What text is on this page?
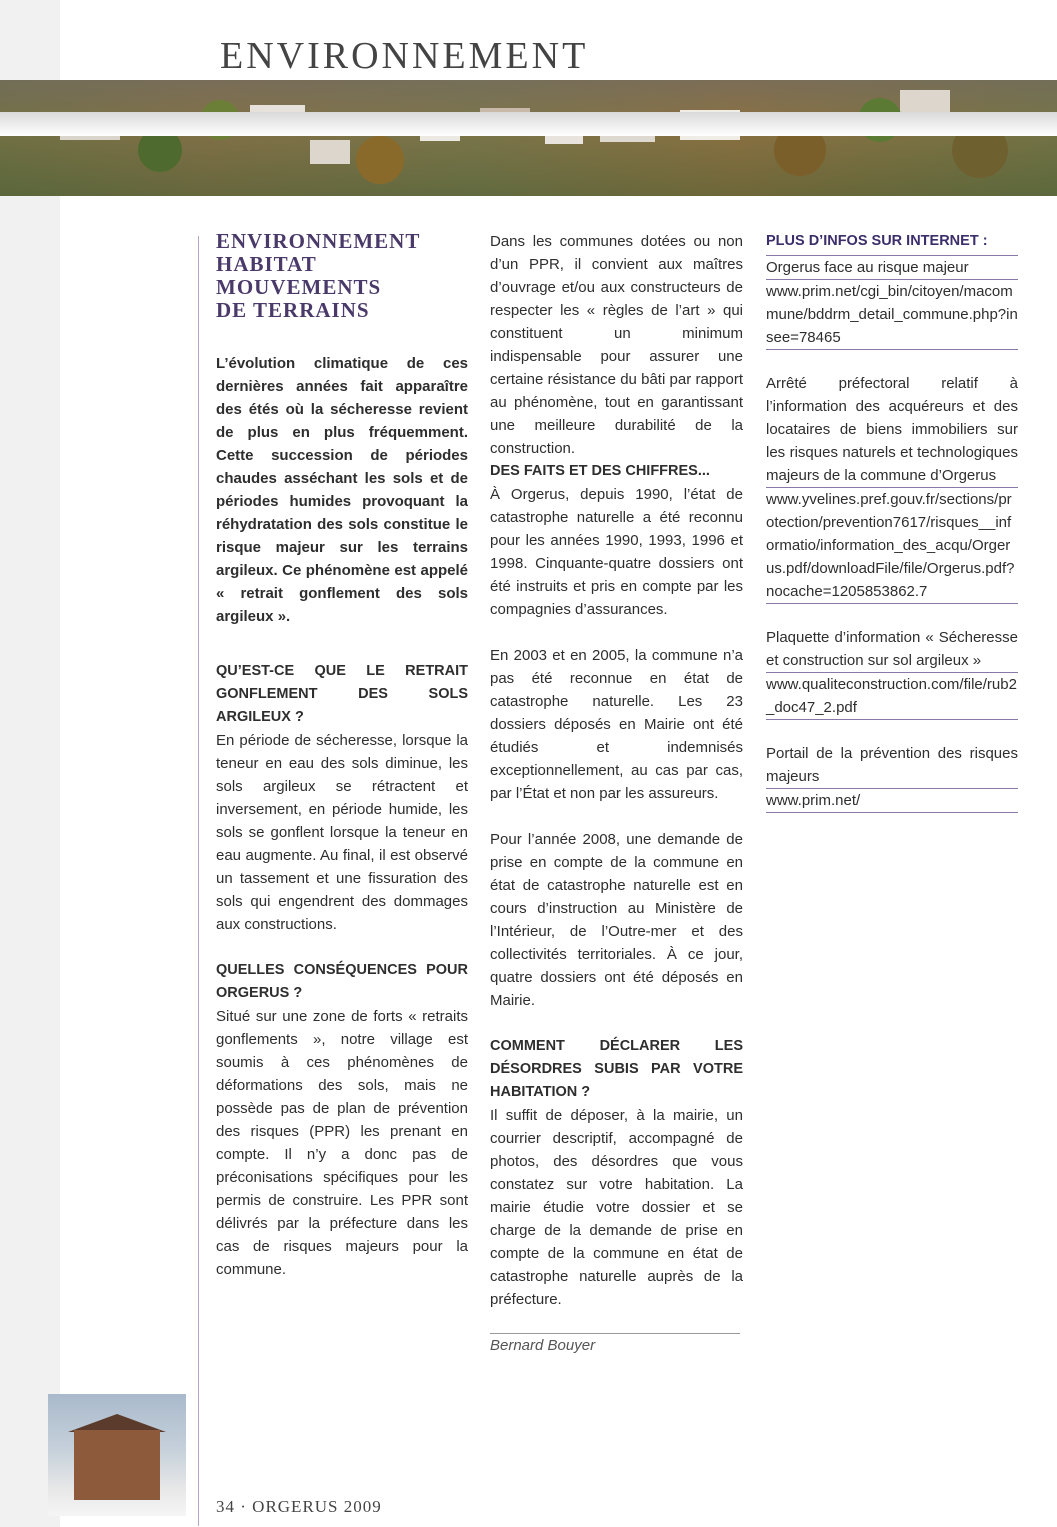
ENVIRONNEMENT
ENVIRONNEMENT
HABITAT
MOUVEMENTS
DE TERRAINS

L’évolution climatique de ces dernières années fait apparaître des étés où la sécheresse revient de plus en plus fréquemment. Cette succession de périodes chaudes asséchant les sols et de périodes humides provoquant la réhydratation des sols constitue le risque majeur sur les terrains argileux. Ce phénomène est appelé « retrait gonflement des sols argileux ».

QU’EST-CE QUE LE RETRAIT GONFLEMENT DES SOLS ARGILEUX ?

En période de sécheresse, lorsque la teneur en eau des sols diminue, les sols argileux se rétractent et inversement, en période humide, les sols se gonflent lorsque la teneur en eau augmente. Au final, il est observé un tassement et une fissuration des sols qui engendrent des dommages aux constructions.

QUELLES CONSÉQUENCES POUR ORGERUS ?

Situé sur une zone de forts « retraits gonflements », notre village est soumis à ces phénomènes de déformations des sols, mais ne possède pas de plan de prévention des risques (PPR) les prenant en compte. Il n’y a donc pas de préconisations spécifiques pour les permis de construire. Les PPR sont délivrés par la préfecture dans les cas de risques majeurs pour la commune.

Dans les communes dotées ou non d’un PPR, il convient aux maîtres d’ouvrage et/ou aux constructeurs de respecter les « règles de l’art » qui constituent un minimum indispensable pour assurer une certaine résistance du bâti par rapport au phénomène, tout en garantissant une meilleure durabilité de la construction.

DES FAITS ET DES CHIFFRES...

À Orgerus, depuis 1990, l’état de catastrophe naturelle a été reconnu pour les années 1990, 1993, 1996 et 1998. Cinquante-quatre dossiers ont été instruits et pris en compte par les compagnies d’assurances.

En 2003 et en 2005, la commune n’a pas été reconnue en état de catastrophe naturelle. Les 23 dossiers déposés en Mairie ont été étudiés et indemnisés exceptionnellement, au cas par cas, par l’État et non par les assureurs.

Pour l’année 2008, une demande de prise en compte de la commune en état de catastrophe naturelle est en cours d’instruction au Ministère de l’Intérieur, de l’Outre-mer et des collectivités territoriales. À ce jour, quatre dossiers ont été déposés en Mairie.

COMMENT DÉCLARER LES DÉSORDRES SUBIS PAR VOTRE HABITATION ?

Il suffit de déposer, à la mairie, un courrier descriptif, accompagné de photos, des désordres que vous constatez sur votre habitation. La mairie étudie votre dossier et se charge de la demande de prise en compte de la commune en état de catastrophe naturelle auprès de la préfecture.

Bernard Bouyer

PLUS D’INFOS SUR INTERNET :

Orgerus face au risque majeur

www.prim.net/cgi_bin/citoyen/macommune/bddrm_detail_commune.php?insee=78465

Arrêté préfectoral relatif à l’information des acquéreurs et des locataires de biens immobiliers sur les risques naturels et technologiques majeurs de la commune d’Orgerus

www.yvelines.pref.gouv.fr/sections/protection/prevention7617/risques__informatio/information_des_acqu/Orgerus.pdf/downloadFile/file/Orgerus.pdf?nocache=1205853862.7

Plaquette d’information « Sécheresse et construction sur sol argileux »

www.qualiteconstruction.com/file/rub2_doc47_2.pdf

Portail de la prévention des risques majeurs

www.prim.net/

34 · ORGERUS 2009
